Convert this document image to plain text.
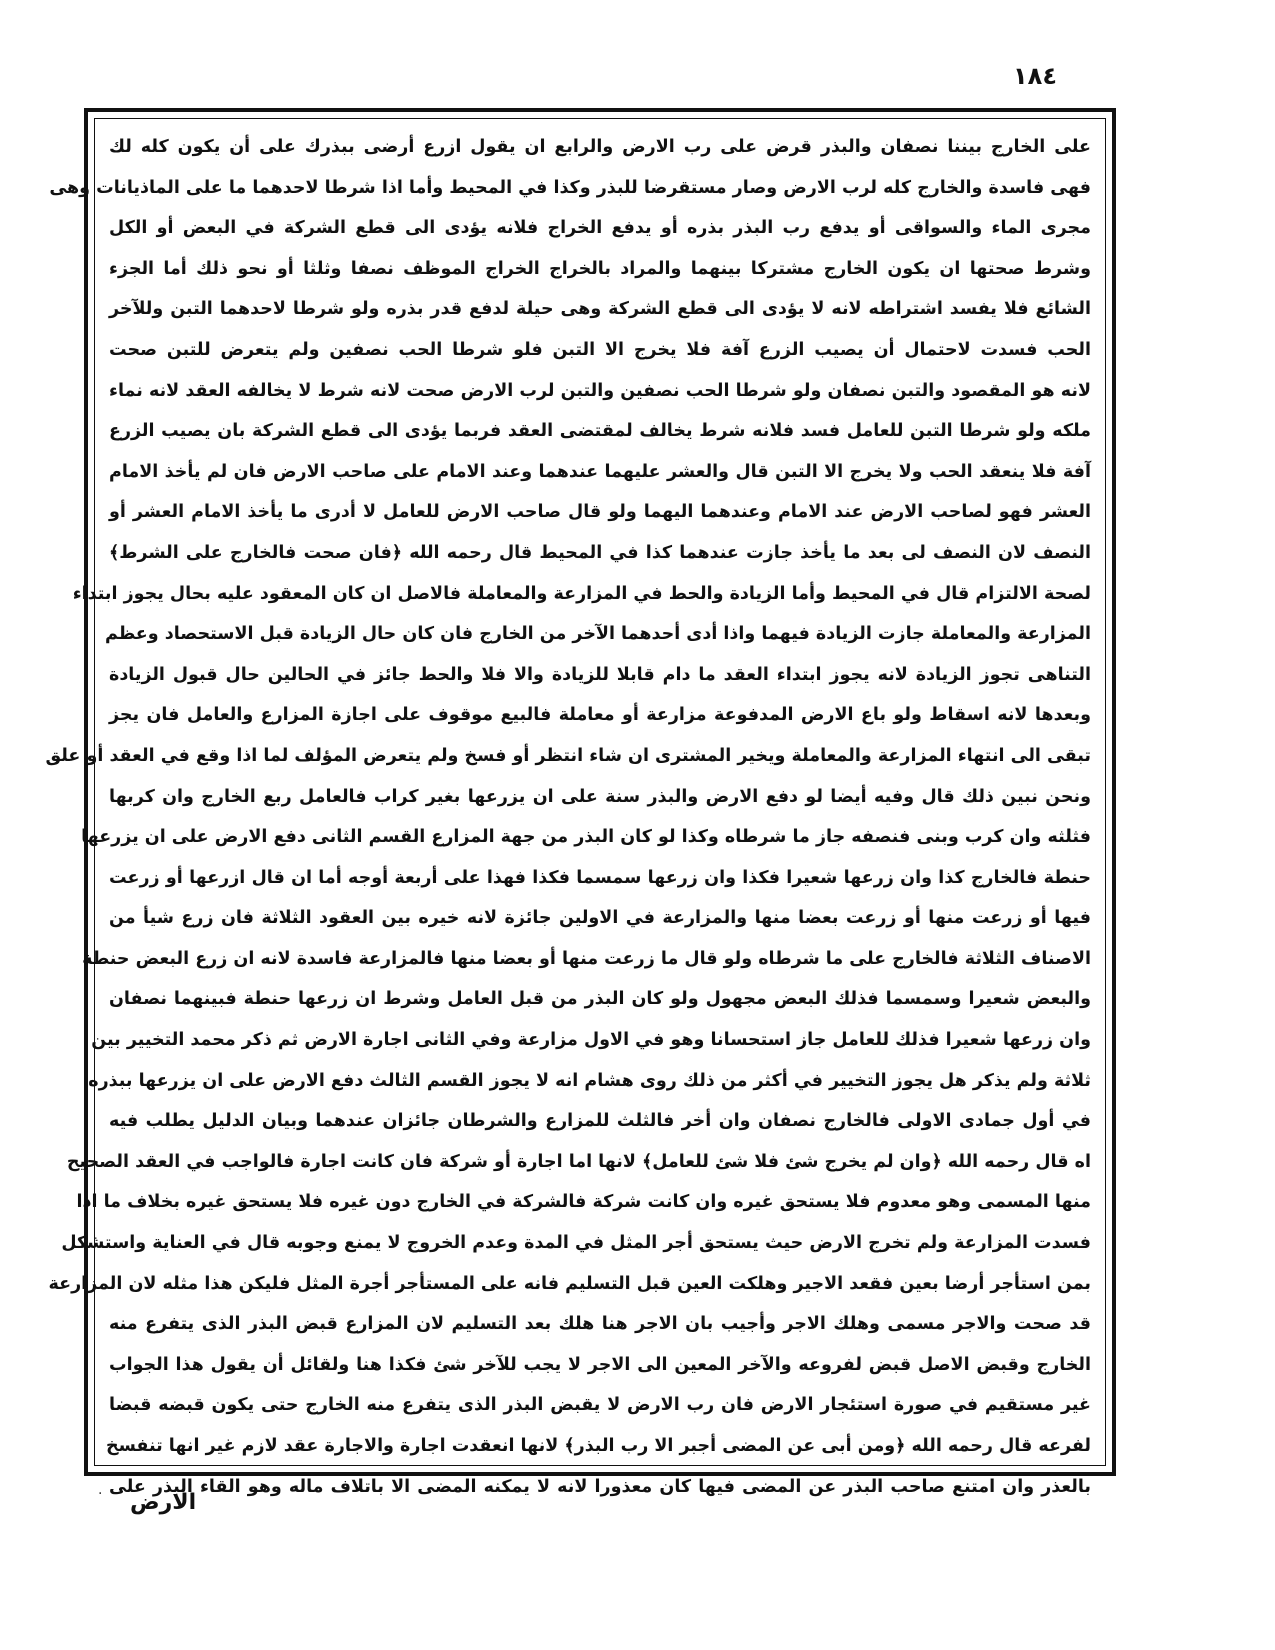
١٨٤
على الخارج بيننا نصفان والبذر قرض على رب الارض والرابع ان يقول ازرع أرضى ببذرك على أن يكون كله لك
فهى فاسدة والخارج كله لرب الارض وصار مستقرضا للبذر وكذا في المحيط وأما اذا شرطا لاحدهما ما على الماذيانات وهى
مجرى الماء والسواقى أو يدفع رب البذر بذره أو يدفع الخراج فلانه يؤدى الى قطع الشركة في البعض أو الكل
وشرط صحتها ان يكون الخارج مشتركا بينهما والمراد بالخراج الخراج الموظف نصفا وثلثا أو نحو ذلك أما الجزء
الشائع فلا يفسد اشتراطه لانه لا يؤدى الى قطع الشركة وهى حيلة لدفع قدر بذره ولو شرطا لاحدهما التبن وللآخر
الحب فسدت لاحتمال أن يصيب الزرع آفة فلا يخرج الا التبن فلو شرطا الحب نصفين ولم يتعرض للتبن صحت
لانه هو المقصود والتبن نصفان ولو شرطا الحب نصفين والتبن لرب الارض صحت لانه شرط لا يخالفه العقد لانه نماء
ملكه ولو شرطا التبن للعامل فسد فلانه شرط يخالف لمقتضى العقد فربما يؤدى الى قطع الشركة بان يصيب الزرع
آفة فلا ينعقد الحب ولا يخرج الا التبن قال والعشر عليهما عندهما وعند الامام على صاحب الارض فان لم يأخذ الامام
العشر فهو لصاحب الارض عند الامام وعندهما اليهما ولو قال صاحب الارض للعامل لا أدرى ما يأخذ الامام العشر أو
النصف لان النصف لى بعد ما يأخذ جازت عندهما كذا في المحيط قال رحمه الله ﴿فان صحت فالخارج على الشرط﴾
لصحة الالتزام قال في المحيط وأما الزيادة والحط في المزارعة والمعاملة فالاصل ان كان المعقود عليه بحال يجوز ابتداء
المزارعة والمعاملة جازت الزيادة فيهما واذا أدى أحدهما الآخر من الخارج فان كان حال الزيادة قبل الاستحصاد وعظم
التناهى تجوز الزيادة لانه يجوز ابتداء العقد ما دام قابلا للزيادة والا فلا والحط جائز في الحالين حال قبول الزيادة
وبعدها لانه اسقاط ولو باع الارض المدفوعة مزارعة أو معاملة فالبيع موقوف على اجازة المزارع والعامل فان يجز
تبقى الى انتهاء المزارعة والمعاملة ويخير المشترى ان شاء انتظر أو فسخ ولم يتعرض المؤلف لما اذا وقع في العقد أو علق
ونحن نبين ذلك قال وفيه أيضا لو دفع الارض والبذر سنة على ان يزرعها بغير كراب فالعامل ربع الخارج وان كربها
فثلثه وان كرب وبنى فنصفه جاز ما شرطاه وكذا لو كان البذر من جهة المزارع القسم الثانى دفع الارض على ان يزرعها
حنطة فالخارج كذا وان زرعها شعيرا فكذا وان زرعها سمسما فكذا فهذا على أربعة أوجه أما ان قال ازرعها أو زرعت
فيها أو زرعت منها أو زرعت بعضا منها والمزارعة في الاولين جائزة لانه خيره بين العقود الثلاثة فان زرع شيأ من
الاصناف الثلاثة فالخارج على ما شرطاه ولو قال ما زرعت منها أو بعضا منها فالمزارعة فاسدة لانه ان زرع البعض حنطة
والبعض شعيرا وسمسما فذلك البعض مجهول ولو كان البذر من قبل العامل وشرط ان زرعها حنطة فبينهما نصفان
وان زرعها شعيرا فذلك للعامل جاز استحسانا وهو في الاول مزارعة وفي الثانى اجارة الارض ثم ذكر محمد التخيير بين
ثلاثة ولم يذكر هل يجوز التخيير في أكثر من ذلك روى هشام انه لا يجوز القسم الثالث دفع الارض على ان يزرعها ببذره
في أول جمادى الاولى فالخارج نصفان وان أخر فالثلث للمزارع والشرطان جائزان عندهما وبيان الدليل يطلب فيه
اه قال رحمه الله ﴿وان لم يخرج شئ فلا شئ للعامل﴾ لانها اما اجارة أو شركة فان كانت اجارة فالواجب في العقد الصحيح
منها المسمى وهو معدوم فلا يستحق غيره وان كانت شركة فالشركة في الخارج دون غيره فلا يستحق غيره بخلاف ما اذا
فسدت المزارعة ولم تخرج الارض حيث يستحق أجر المثل في المدة وعدم الخروج لا يمنع وجوبه قال في العناية واستشكل
بمن استأجر أرضا بعين فقعد الاجير وهلكت العين قبل التسليم فانه على المستأجر أجرة المثل فليكن هذا مثله لان المزارعة
قد صحت والاجر مسمى وهلك الاجر وأجيب بان الاجر هنا هلك بعد التسليم لان المزارع قبض البذر الذى يتفرع منه
الخارج وقبض الاصل قبض لفروعه والآخر المعين الى الاجر لا يجب للآخر شئ فكذا هنا ولقائل أن يقول هذا الجواب
غير مستقيم في صورة استئجار الارض فان رب الارض لا يقبض البذر الذى يتفرع منه الخارج حتى يكون قبضه قبضا
لفرعه قال رحمه الله ﴿ومن أبى عن المضى أجبر الا رب البذر﴾ لانها انعقدت اجارة والاجارة عقد لازم غير انها تنفسخ
بالعذر وان امتنع صاحب البذر عن المضى فيها كان معذورا لانه لا يمكنه المضى الا باتلاف ماله وهو القاء البذر على
· الارض
